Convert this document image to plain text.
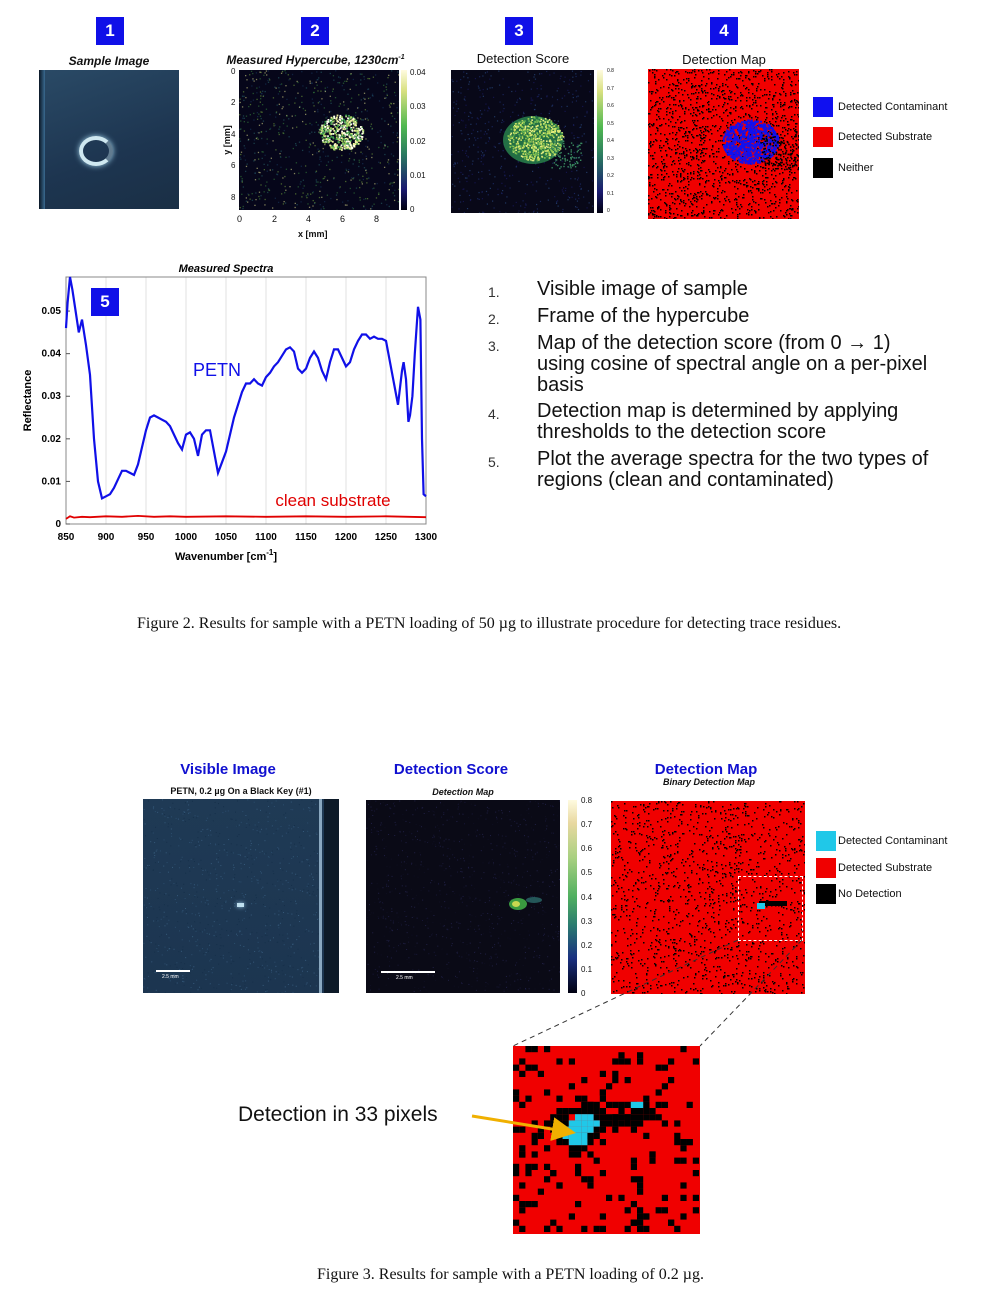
1
Sample Image
2
Measured Hypercube, $1230cm^{-1}$
0.04
0.03
0.02
0.01
0
0
2
4
6
8
y [mm]
0	2	4	6	8
x [mm]
3
Detection Score
0.8
0.7
0.6
0.5
0.4
0.3
0.2
0.1
0
4
Detection Map
Detected Contaminant
Detected Substrate
Neither
Measured Spectra
850 900 950 1000 1050 1100 1150 1200 1250 1300
0
0.01
0.02
0.03
0.04
0.05
Wavenumber $[cm^{-1}]$
Reflectance	PETN
clean substrate
5	1. Visible image of sample
2. Frame of the hypercube
3. Map of the detection score (from 0 → 1) using cosine of spectral angle on a per-pixel basis
4. Detection map is determined by applying thresholds to the detection score
5. Plot the average spectra for the two types of regions (clean and contaminated)
Figure 2. Results for sample with a PETN loading of 50 µg to illustrate procedure for detecting trace residues.
Visible Image
PETN, 0.2 µg On a Black Key (#1)
2.5 mm
Detection Score
Detection Map
2.5 mm
0.8
0.7
0.6
0.5
0.4
0.3
0.2
0.1
0
Detection Map
Binary Detection Map
Detected Contaminant
Detected Substrate
No Detection
Detection in 33 pixels
Figure 3. Results for sample with a PETN loading of 0.2 µg.
